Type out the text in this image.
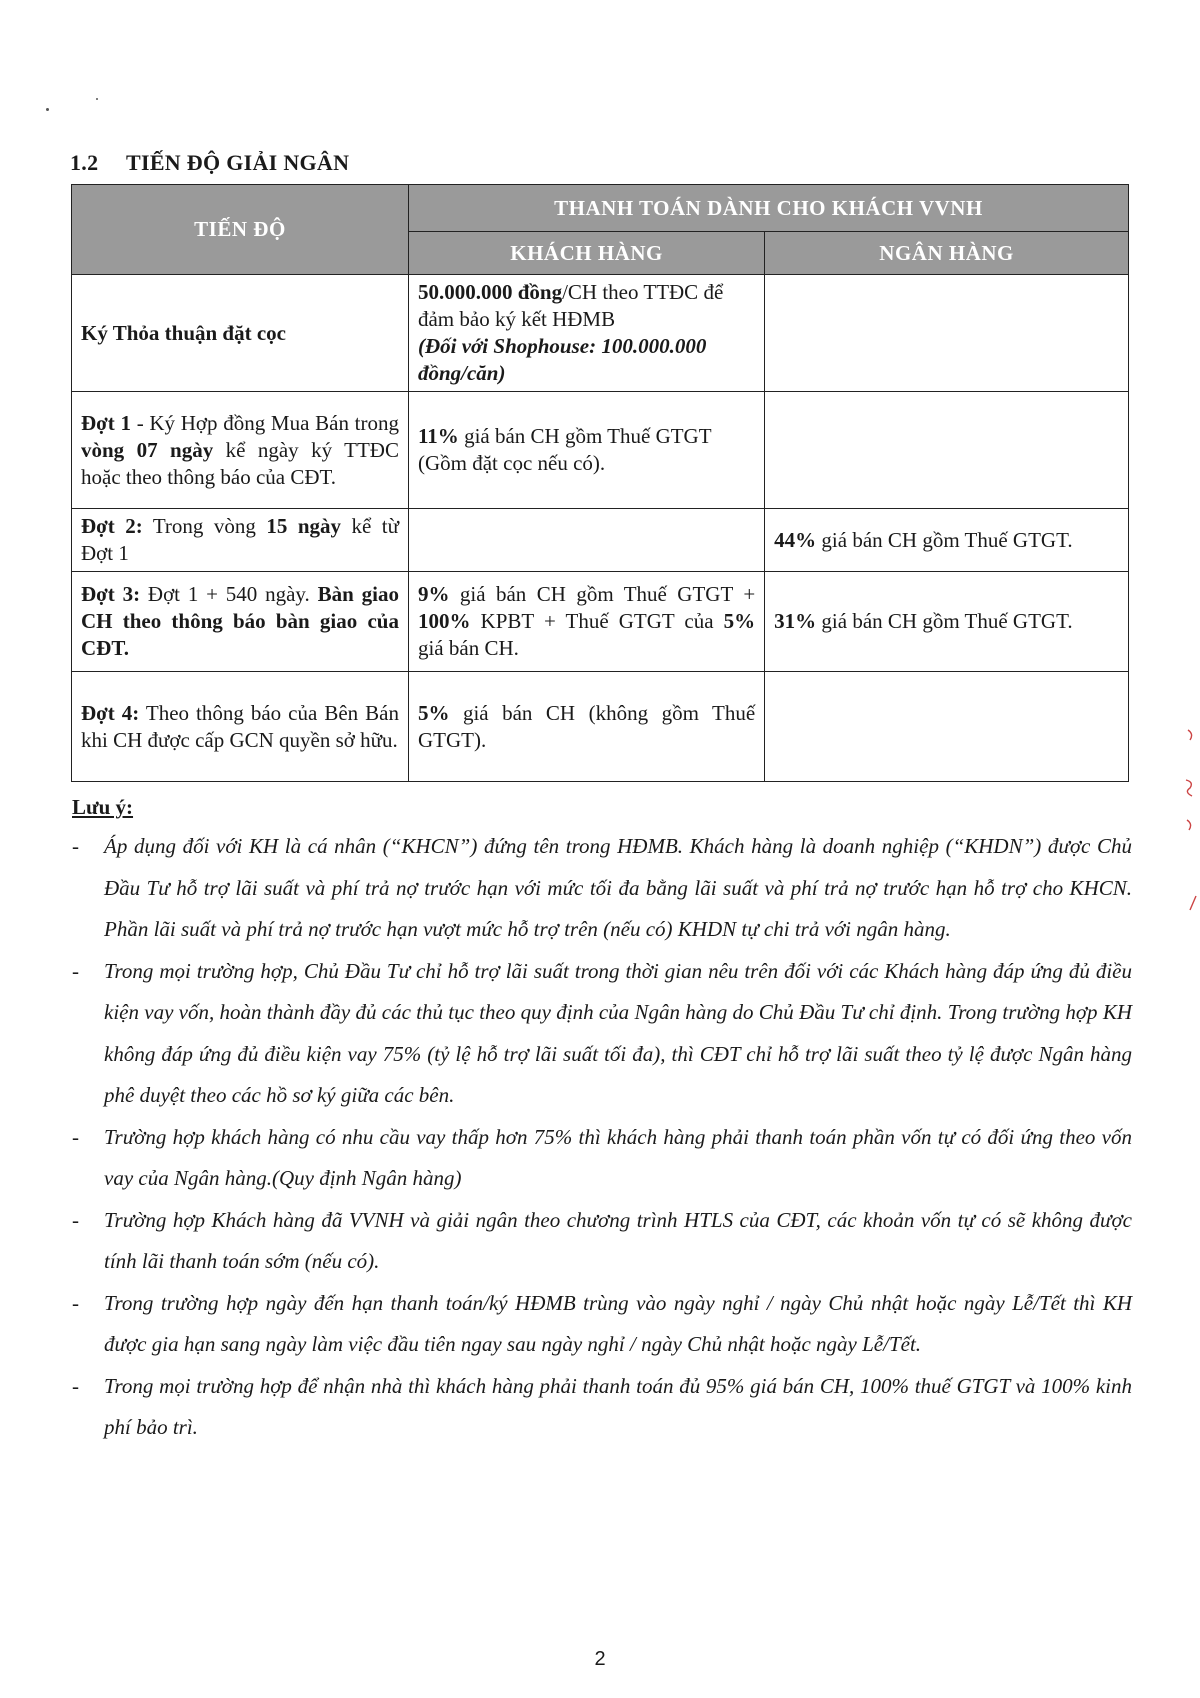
1.2 TIẾN ĐỘ GIẢI NGÂN
TIẾN ĐỘ	THANH TOÁN DÀNH CHO KHÁCH VVNH	
	KHÁCH HÀNG	NGÂN HÀNG
Ký Thỏa thuận đặt cọc	50.000.000 đồng/CH theo TTĐC để đảm bảo ký kết HĐMB
(Đối với Shophouse: 100.000.000 đồng/căn)	
Đợt 1 - Ký Hợp đồng Mua Bán trong vòng 07 ngày kể ngày ký TTĐC hoặc theo thông báo của CĐT.	11% giá bán CH gồm Thuế GTGT (Gồm đặt cọc nếu có).	
Đợt 2: Trong vòng 15 ngày kể từ Đợt 1		44% giá bán CH gồm Thuế GTGT.
Đợt 3: Đợt 1 + 540 ngày. Bàn giao CH theo thông báo bàn giao của CĐT.	9% giá bán CH gồm Thuế GTGT + 100% KPBT + Thuế GTGT của 5% giá bán CH.	31% giá bán CH gồm Thuế GTGT.
Đợt 4: Theo thông báo của Bên Bán khi CH được cấp GCN quyền sở hữu.	5% giá bán CH (không gồm Thuế GTGT).	
Lưu ý:
- Áp dụng đối với KH là cá nhân (“KHCN”) đứng tên trong HĐMB. Khách hàng là doanh nghiệp (“KHDN”) được Chủ Đầu Tư hỗ trợ lãi suất và phí trả nợ trước hạn với mức tối đa bằng lãi suất và phí trả nợ trước hạn hỗ trợ cho KHCN. Phần lãi suất và phí trả nợ trước hạn vượt mức hỗ trợ trên (nếu có) KHDN tự chi trả với ngân hàng.
- Trong mọi trường hợp, Chủ Đầu Tư chỉ hỗ trợ lãi suất trong thời gian nêu trên đối với các Khách hàng đáp ứng đủ điều kiện vay vốn, hoàn thành đầy đủ các thủ tục theo quy định của Ngân hàng do Chủ Đầu Tư chỉ định. Trong trường hợp KH không đáp ứng đủ điều kiện vay 75% (tỷ lệ hỗ trợ lãi suất tối đa), thì CĐT chỉ hỗ trợ lãi suất theo tỷ lệ được Ngân hàng phê duyệt theo các hồ sơ ký giữa các bên.
- Trường hợp khách hàng có nhu cầu vay thấp hơn 75% thì khách hàng phải thanh toán phần vốn tự có đối ứng theo vốn vay của Ngân hàng.(Quy định Ngân hàng)
- Trường hợp Khách hàng đã VVNH và giải ngân theo chương trình HTLS của CĐT, các khoản vốn tự có sẽ không được tính lãi thanh toán sớm (nếu có).
- Trong trường hợp ngày đến hạn thanh toán/ký HĐMB trùng vào ngày nghỉ / ngày Chủ nhật hoặc ngày Lễ/Tết thì KH được gia hạn sang ngày làm việc đầu tiên ngay sau ngày nghỉ / ngày Chủ nhật hoặc ngày Lễ/Tết.
- Trong mọi trường hợp để nhận nhà thì khách hàng phải thanh toán đủ 95% giá bán CH, 100% thuế GTGT và 100% kinh phí bảo trì.
2
